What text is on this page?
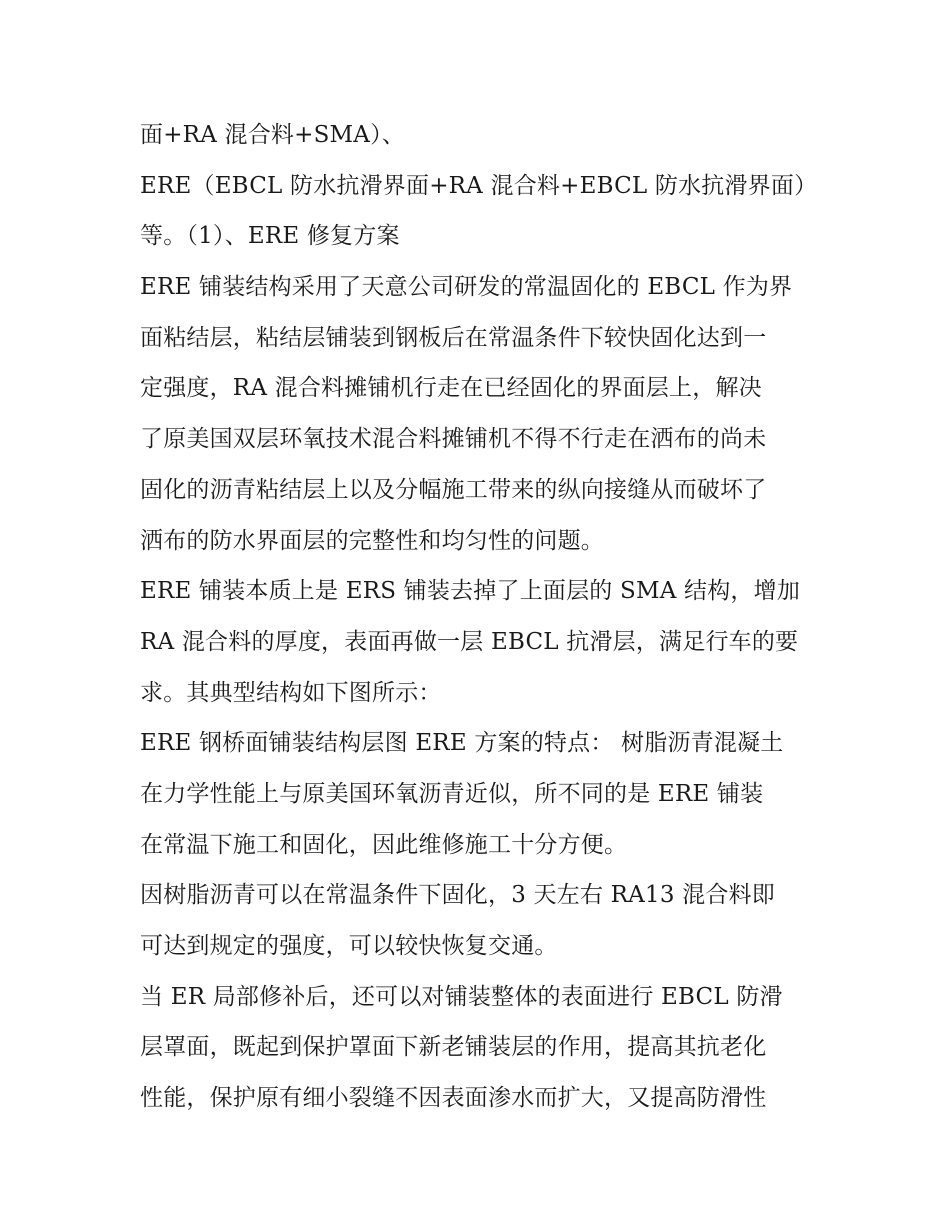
面+RA 混合料+SMA）、
ERE（EBCL 防水抗滑界面+RA 混合料+EBCL 防水抗滑界面）
等。（1）、ERE 修复方案
ERE 铺装结构采用了天意公司研发的常温固化的 EBCL 作为界
面粘结层，粘结层铺装到钢板后在常温条件下较快固化达到一
定强度，RA 混合料摊铺机行走在已经固化的界面层上，解决
了原美国双层环氧技术混合料摊铺机不得不行走在洒布的尚未
固化的沥青粘结层上以及分幅施工带来的纵向接缝从而破坏了
洒布的防水界面层的完整性和均匀性的问题。
ERE 铺装本质上是 ERS 铺装去掉了上面层的 SMA 结构，增加
RA 混合料的厚度，表面再做一层 EBCL 抗滑层，满足行车的要
求。其典型结构如下图所示：
ERE 钢桥面铺装结构层图 ERE 方案的特点： 树脂沥青混凝土
在力学性能上与原美国环氧沥青近似，所不同的是 ERE 铺装
在常温下施工和固化，因此维修施工十分方便。
因树脂沥青可以在常温条件下固化，3 天左右 RA13 混合料即
可达到规定的强度，可以较快恢复交通。
当 ER 局部修补后，还可以对铺装整体的表面进行 EBCL 防滑
层罩面，既起到保护罩面下新老铺装层的作用，提高其抗老化
性能，保护原有细小裂缝不因表面渗水而扩大，又提高防滑性
